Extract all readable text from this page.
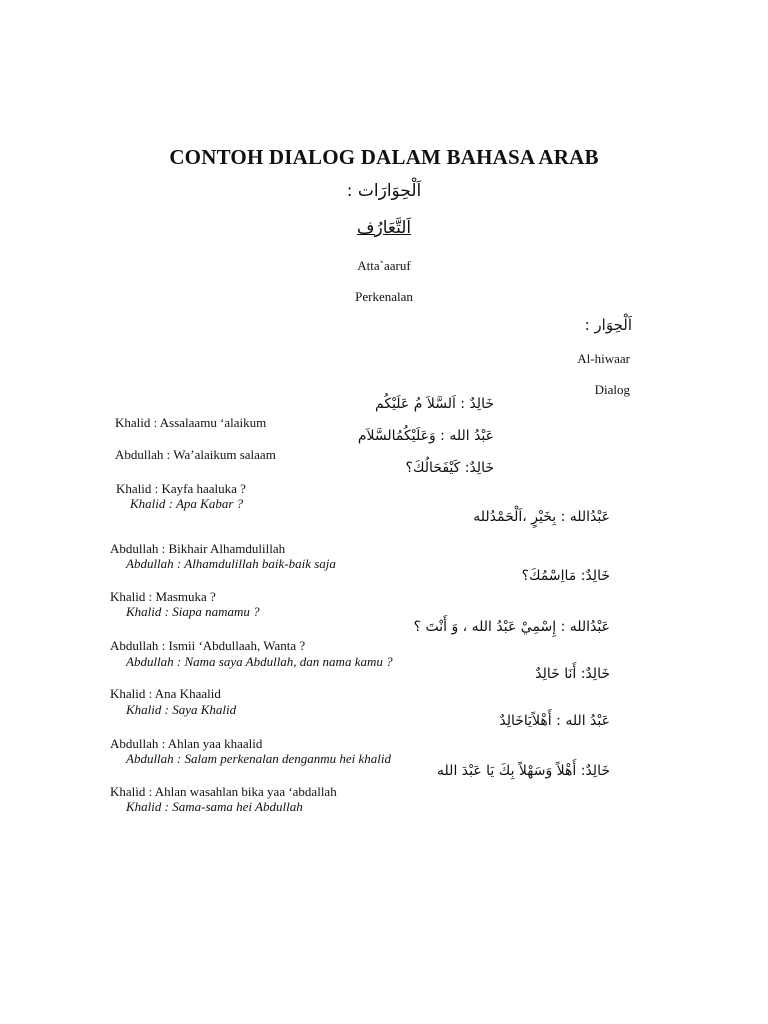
CONTOH DIALOG DALAM BAHASA ARAB
اَلْحِوَارَات :
اَلتَّعَارُف
Atta`aaruf
Perkenalan
اَلْحِوَار :
Al-hiwaar
Dialog
خَالِدٌ : اَلسَّلاَ مُ عَلَيْكُم
عَبْدُ الله : وَعَلَيْكُمُالسَّلاَم
خَالِدٌ: كَيْفَحَالُكَ؟
عَبْدُالله : بِخَيْرٍ ،اَلْحَمْدُلله
خَالِدٌ: مَااِسْمُكَ؟
عَبْدُالله : إِسْمِيْ عَبْدُ الله ، وَ أَنْتَ ؟
خَالِدٌ: أَنَا خَالِدٌ
عَبْدُ الله : أَهْلاًيَاخَالِدٌ
خَالِدٌ: أَهْلاً وَسَهْلاً بِكَ يَا عَبْدَ الله
Khalid : Assalaamu ‘alaikum
Abdullah : Wa’alaikum salaam
Khalid : Kayfa haaluka ?
Khalid : Apa Kabar ?
Abdullah : Bikhair Alhamdulillah
Abdullah : Alhamdulillah baik-baik saja
Khalid : Masmuka ?
Khalid : Siapa namamu ?
Abdullah : Ismii ‘Abdullaah, Wanta ?
Abdullah : Nama saya Abdullah, dan nama kamu ?
Khalid : Ana Khaalid
Khalid : Saya Khalid
Abdullah : Ahlan yaa khaalid
Abdullah : Salam perkenalan denganmu hei khalid
Khalid : Ahlan wasahlan bika yaa ‘abdallah
Khalid : Sama-sama hei Abdullah
